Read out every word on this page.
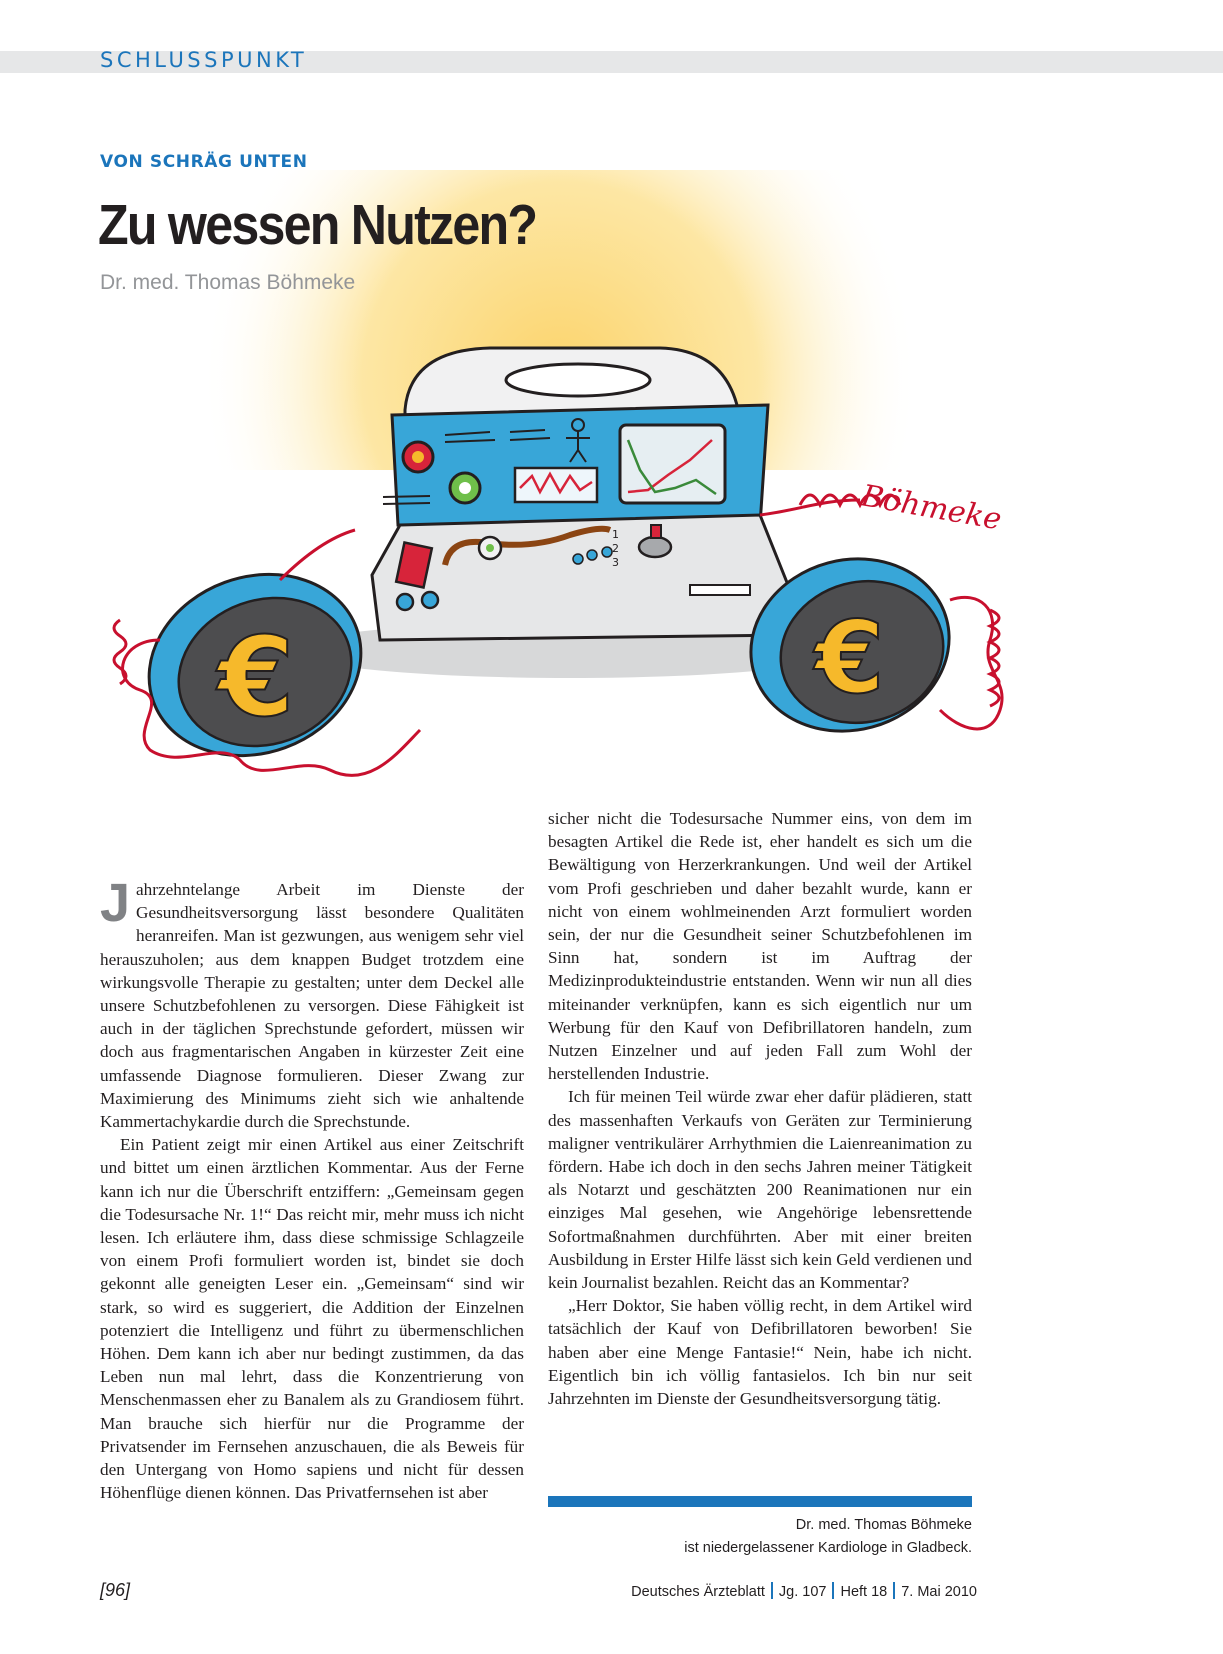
SCHLUSSPUNKT
1
2
3
€	€
Böhmeke
VON SCHRÄG UNTEN
Zu wessen Nutzen?
Dr. med. Thomas Böhmeke

Jahrzehntelange Arbeit im Dienste der Gesundheitsversorgung lässt besondere Qualitäten heranreifen. Man ist gezwungen, aus wenigem sehr viel herauszuholen; aus dem knappen Budget trotzdem eine wirkungsvolle Therapie zu gestalten; unter dem Deckel alle unsere Schutzbefohlenen zu versorgen. Diese Fähigkeit ist auch in der täglichen Sprechstunde gefordert, müssen wir doch aus fragmentarischen Angaben in kürzester Zeit eine umfassende Diagnose formulieren. Dieser Zwang zur Maximierung des Minimums zieht sich wie anhaltende Kammertachykardie durch die Sprechstunde.

Ein Patient zeigt mir einen Artikel aus einer Zeitschrift und bittet um einen ärztlichen Kommentar. Aus der Ferne kann ich nur die Überschrift entziffern: „Gemeinsam gegen die Todesursache Nr. 1!“ Das reicht mir, mehr muss ich nicht lesen. Ich erläutere ihm, dass diese schmissige Schlagzeile von einem Profi formuliert worden ist, bindet sie doch gekonnt alle geneigten Leser ein. „Gemeinsam“ sind wir stark, so wird es suggeriert, die Addition der Einzelnen potenziert die Intelligenz und führt zu übermenschlichen Höhen. Dem kann ich aber nur bedingt zustimmen, da das Leben nun mal lehrt, dass die Konzentrierung von Menschenmassen eher zu Banalem als zu Grandiosem führt. Man brauche sich hierfür nur die Programme der Privatsender im Fernsehen anzuschauen, die als Beweis für den Untergang von Homo sapiens und nicht für dessen Höhenflüge dienen können. Das Privatfernsehen ist aber

sicher nicht die Todesursache Nummer eins, von dem im besagten Artikel die Rede ist, eher handelt es sich um die Bewältigung von Herzerkrankungen. Und weil der Artikel vom Profi geschrieben und daher bezahlt wurde, kann er nicht von einem wohlmeinenden Arzt formuliert worden sein, der nur die Gesundheit seiner Schutzbefohlenen im Sinn hat, sondern ist im Auftrag der Medizinprodukteindustrie entstanden. Wenn wir nun all dies miteinander verknüpfen, kann es sich eigentlich nur um Werbung für den Kauf von Defibrillatoren handeln, zum Nutzen Einzelner und auf jeden Fall zum Wohl der herstellenden Industrie.

Ich für meinen Teil würde zwar eher dafür plädieren, statt des massenhaften Verkaufs von Geräten zur Terminierung maligner ventrikulärer Arrhythmien die Laienreanimation zu fördern. Habe ich doch in den sechs Jahren meiner Tätigkeit als Notarzt und geschätzten 200 Reanimationen nur ein einziges Mal gesehen, wie Angehörige lebensrettende Sofortmaßnahmen durchführten. Aber mit einer breiten Ausbildung in Erster Hilfe lässt sich kein Geld verdienen und kein Journalist bezahlen. Reicht das an Kommentar?

„Herr Doktor, Sie haben völlig recht, in dem Artikel wird tatsächlich der Kauf von Defibrillatoren beworben! Sie haben aber eine Menge Fantasie!“ Nein, habe ich nicht. Eigentlich bin ich völlig fantasielos. Ich bin nur seit Jahrzehnten im Dienste der Gesundheitsversorgung tätig.

Dr. med. Thomas Böhmeke
ist niedergelassener Kardiologe in Gladbeck.
[96]	Deutsches Ärzteblatt Jg. 107 Heft 18 7. Mai 2010
